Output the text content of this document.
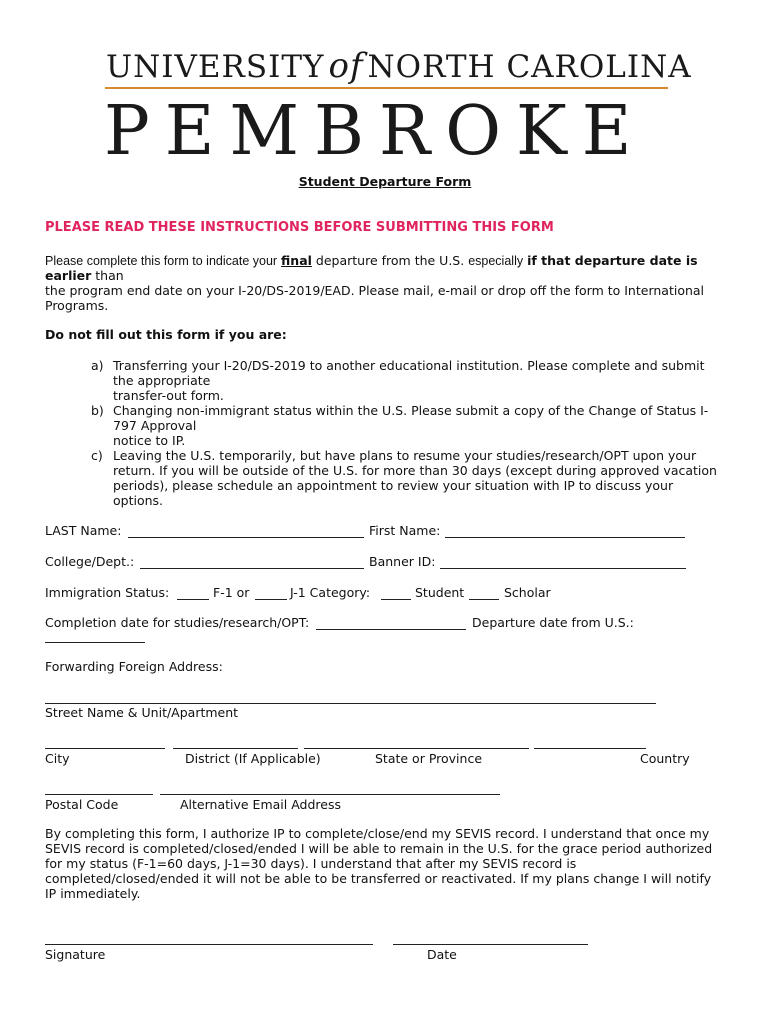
UNIVERSITY of NORTH CAROLINA
PEMBROKE
Student Departure Form
PLEASE READ THESE INSTRUCTIONS BEFORE SUBMITTING THIS FORM
Please complete this form to indicate your final departure from the U.S. especially if that departure date is
earlier than
the program end date on your I-20/DS-2019/EAD. Please mail, e-mail or drop off the form to International
Programs.
Do not fill out this form if you are:
a) Transferring your I-20/DS-2019 to another educational institution. Please complete and submit
the appropriate
transfer-out form.
b) Changing non-immigrant status within the U.S. Please submit a copy of the Change of Status I-
797 Approval
notice to IP.
c) Leaving the U.S. temporarily, but have plans to resume your studies/research/OPT upon your
return. If you will be outside of the U.S. for more than 30 days (except during approved vacation
periods), please schedule an appointment to review your situation with IP to discuss your
options.
LAST Name:	First Name:
College/Dept.:	Banner ID:
Immigration Status:	F-1 or	J-1 Category:	Student	Scholar
Completion date for studies/research/OPT:	Departure date from U.S.:
Forwarding Foreign Address:
Street Name & Unit/Apartment
City	District (If Applicable)	State or Province	Country
Postal Code	Alternative Email Address
By completing this form, I authorize IP to complete/close/end my SEVIS record. I understand that once my
SEVIS record is completed/closed/ended I will be able to remain in the U.S. for the grace period authorized
for my status (F-1=60 days, J-1=30 days). I understand that after my SEVIS record is
completed/closed/ended it will not be able to be transferred or reactivated. If my plans change I will notify
IP immediately.
Signature	Date
